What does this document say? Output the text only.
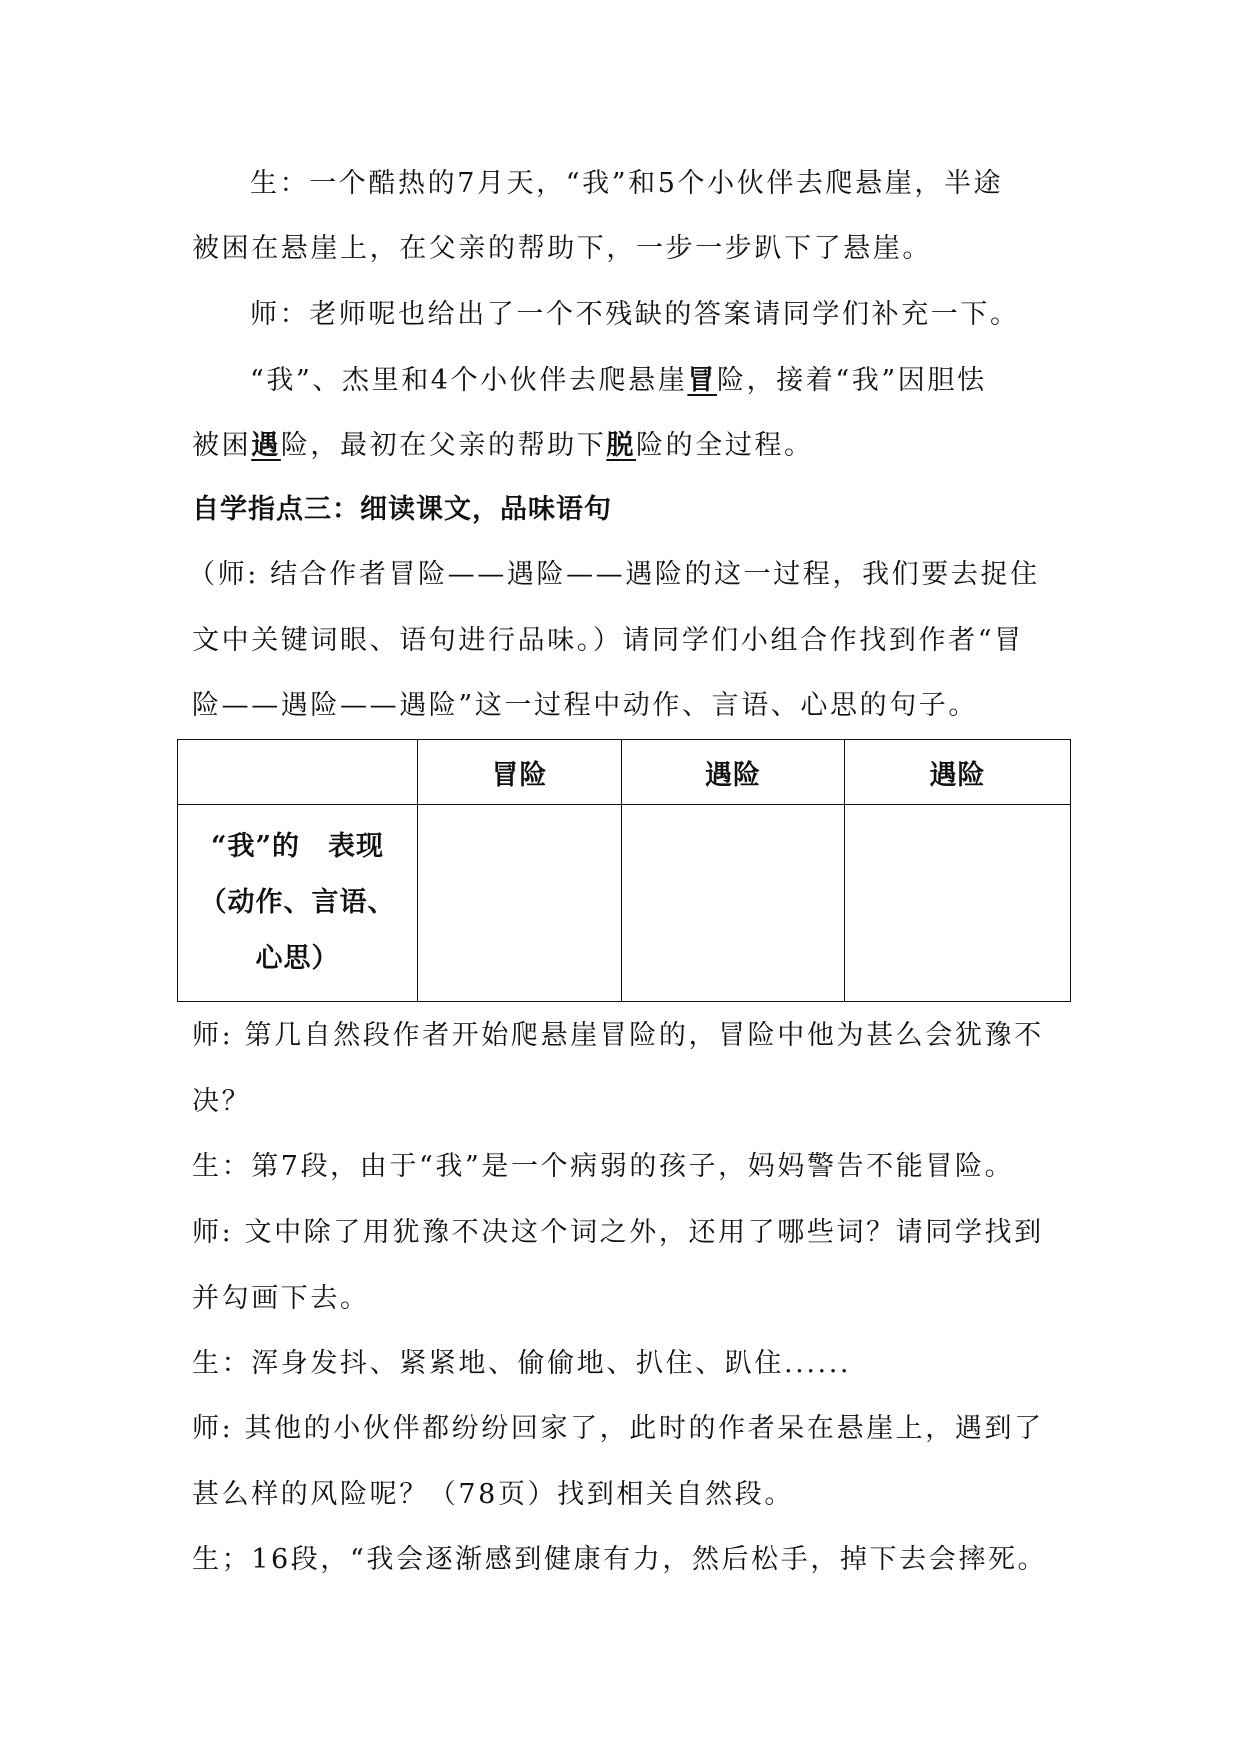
生：一个酷热的7月天，“我”和5个小伙伴去爬悬崖，半途
被困在悬崖上，在父亲的帮助下，一步一步趴下了悬崖。
师：老师呢也给出了一个不残缺的答案请同学们补充一下。
“我”、杰里和4个小伙伴去爬悬崖冒险，接着“我”因胆怯
被困遇险，最初在父亲的帮助下脱险的全过程。
自学指点三：细读课文，品味语句
（师: 结合作者冒险——遇险——遇险的这一过程，我们要去捉住
文中关键词眼、语句进行品味。）请同学们小组合作找到作者“冒
险——遇险——遇险”这一过程中动作、言语、心思的句子。
	冒险	遇险	遇险

“我”的　表现
（动作、言语、
心思）			

师: 第几自然段作者开始爬悬崖冒险的，冒险中他为甚么会犹豫不
决？
生：第7段，由于“我”是一个病弱的孩子，妈妈警告不能冒险。
师: 文中除了用犹豫不决这个词之外，还用了哪些词？请同学找到
并勾画下去。
生：浑身发抖、紧紧地、偷偷地、扒住、趴住......
师: 其他的小伙伴都纷纷回家了，此时的作者呆在悬崖上，遇到了
甚么样的风险呢？（78页）找到相关自然段。
生；16段，“我会逐渐感到健康有力，然后松手，掉下去会摔死。
